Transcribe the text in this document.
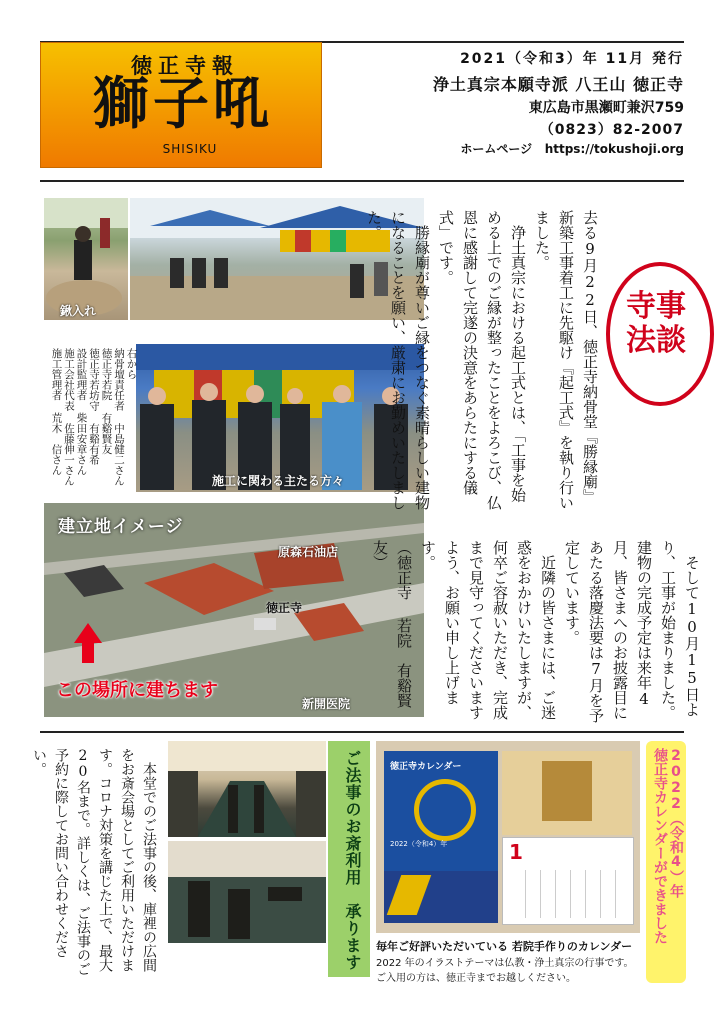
徳正寺報
獅子吼
SHISIKU
2021（令和3）年 11月 発行
浄土真宗本願寺派 八王山 徳正寺
東広島市黒瀬町兼沢759
（0823）82-2007
ホームページ https://tokushoji.org
鍬入れ
右から
納骨壇責任者 中島健二さん
徳正寺若院 有谿賢友
徳正寺若坊守 有谿有希
設計監理者 柴田安章さん
施工会社代表 佐藤伸一さん
施工管理者 荒木　信さん
施工に関わる主たる方々
原森石油店
徳正寺
新開医院
建立地イメージ
この場所に建ちます

去る9月22日、徳正寺納骨堂『勝縁廟』新築工事着工に先駆け『起工式』を執り行いました。

浄土真宗における起工式とは、「工事を始める上でのご縁が整ったことをよろこび、仏恩に感謝して完遂の決意をあらたにする儀式」です。

勝縁廟が尊いご縁をつなぐ素晴らしい建物になることを願い、厳粛にお勤めいたしました。

そして10月15日より、工事が始まりました。建物の完成予定は来年4月、皆さまへのお披露目にあたる落慶法要は7月を予定しています。

近隣の皆さまには、ご迷惑をおかけいたしますが、何卒ご容赦いただき、完成まで見守ってくださいますよう、お願い申し上げます。

（徳正寺 若院　有谿賢友）

寺事法談

本堂でのご法事の後、庫裡の広間をお斎会場としてご利用いただけます。コロナ対策を講じた上で、最大20名まで。詳しくは、ご法事のご予約に際してお問い合わせください。	ご法事のお斎利用　承ります	徳正寺カレンダー
2022（令和4）年	1
毎年ご好評いただいている 若院手作りのカレンダー
2022 年のイラストテーマは仏教・浄土真宗の行事です。
ご入用の方は、徳正寺までお越しください。
2022（令和4）年
徳正寺カレンダーができました
